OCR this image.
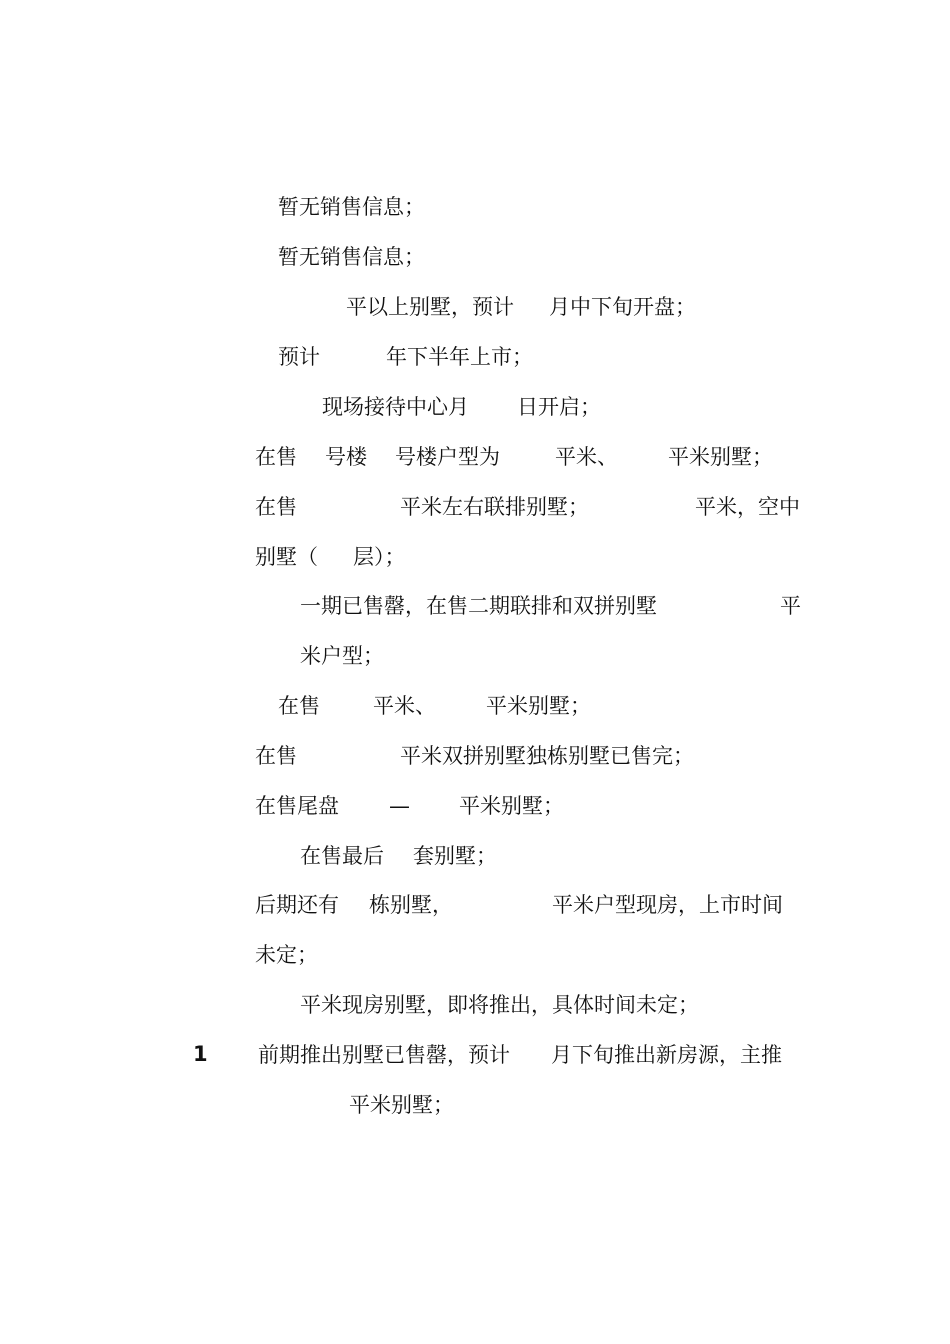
暂无销售信息；
暂无销售信息；
平以上别墅，预计 月中下旬开盘；
预计	年下半年上市；
现场接待中心月 日开启；
在售 号楼 号楼户型为	平米、 平米别墅；
在售	平米左右联排别墅；	平米，空中
别墅（ 层）；
一期已售罄，在售二期联排和双拼别墅	平
米户型；
在售	平米、 平米别墅；
在售	平米双拼别墅独栋别墅已售完；
在售尾盘 — 平米别墅；
在售最后 套别墅；
后期还有 栋别墅，	平米户型现房，上市时间
未定；
平米现房别墅，即将推出，具体时间未定；
1 前期推出别墅已售罄，预计 月下旬推出新房源，主推
平米别墅；
